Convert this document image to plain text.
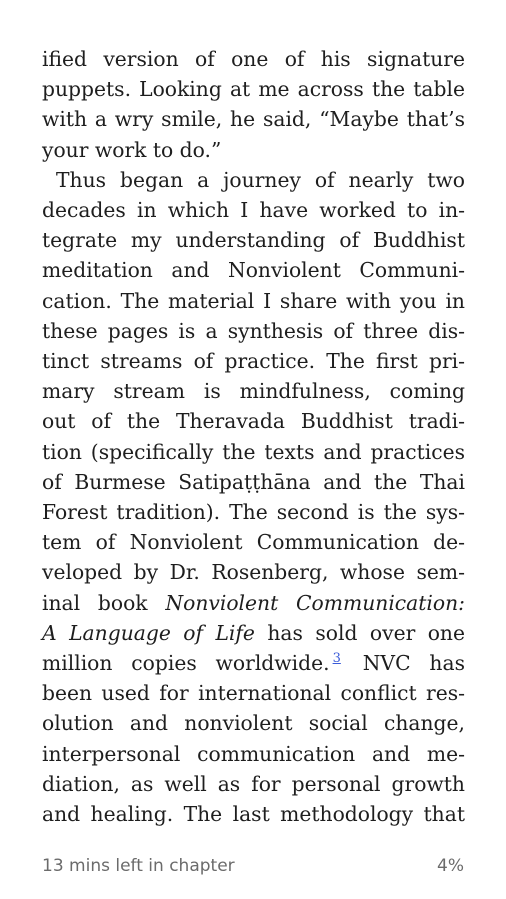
ified version of one of his signature
puppets. Looking at me across the table
with a wry smile, he said, “Maybe that’s
your work to do.”

Thus began a journey of nearly two
decades in which I have worked to in-
tegrate my understanding of Buddhist
meditation and Nonviolent Communi-
cation. The material I share with you in
these pages is a synthesis of three dis-
tinct streams of practice. The first pri-
mary stream is mindfulness, coming
out of the Theravada Buddhist tradi-
tion (specifically the texts and practices
of Burmese Satipaṭṭhāna and the Thai
Forest tradition). The second is the sys-
tem of Nonviolent Communication de-
veloped by Dr. Rosenberg, whose sem-
inal book Nonviolent Communication:
A Language of Life has sold over one
million copies worldwide. $^3$ NVC has
been used for international conflict res-
olution and nonviolent social change,
interpersonal communication and me-
diation, as well as for personal growth
and healing. The last methodology that

13 mins left in chapter	4%
